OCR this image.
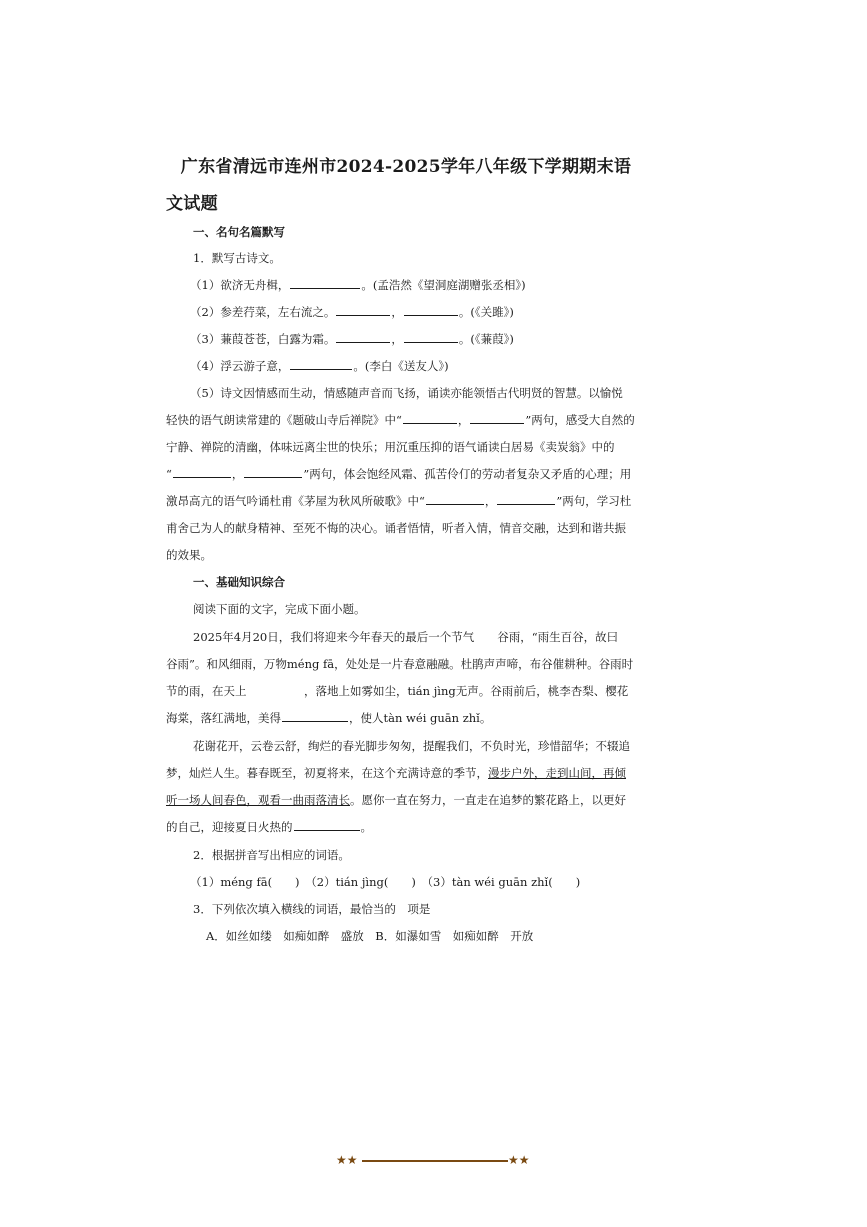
广东省清远市连州市2024-2025学年八年级下学期期末语
文试题
一、名句名篇默写
1．默写古诗文。
（1）欲济无舟楫，	。(孟浩然《望洞庭湖赠张丞相》)
（2）参差荇菜，左右流之。	，	。(《关雎》)
（3）蒹葭苍苍，白露为霜。	，	。(《蒹葭》)
（4）浮云游子意，	。(李白《送友人》)
（5）诗文因情感而生动，情感随声音而飞扬，诵读亦能领悟古代明贤的智慧。以愉悦
轻快的语气朗读常建的《题破山寺后禅院》中“	，	”两句，感受大自然的
宁静、禅院的清幽，体味远离尘世的快乐；用沉重压抑的语气诵读白居易《卖炭翁》中的
“	，	”两句，体会饱经风霜、孤苦伶仃的劳动者复杂又矛盾的心理；用
激昂高亢的语气吟诵杜甫《茅屋为秋风所破歌》中“	，	”两句，学习杜
甫舍己为人的献身精神、至死不悔的决心。诵者悟情，听者入情，情音交融，达到和谐共振
的效果。
一、基础知识综合
阅读下面的文字，完成下面小题。
2025年4月20日，我们将迎来今年春天的最后一个节气　　谷雨，“雨生百谷，故曰
谷雨”。和风细雨，万物méng fā，处处是一片春意融融。杜鹃声声啼，布谷催耕种。谷雨时
节的雨，在天上　　　　　，落地上如雾如尘，tián jìng无声。谷雨前后，桃李杏梨、樱花
海棠，落红满地，美得	，使人tàn wéi guān zhǐ。
花谢花开，云卷云舒，绚烂的春光脚步匆匆，提醒我们，不负时光，珍惜韶华；不辍追
梦，灿烂人生。暮春既至，初夏将来，在这个充满诗意的季节，漫步户外，走到山间，再倾
听一场人间春色，观看一曲雨落清长。愿你一直在努力，一直走在追梦的繁花路上，以更好
的自己，迎接夏日火热的	。
2．根据拼音写出相应的词语。
（1）méng fā(　　)　（2）tián jìng(　　)　（3）tàn wéi guān zhǐ(　　)
3．下列依次填入横线的词语，最恰当的　项是
A．如丝如缕　如痴如醉　盛放　B．如瀑如雪　如痴如醉　开放
★★	★★
